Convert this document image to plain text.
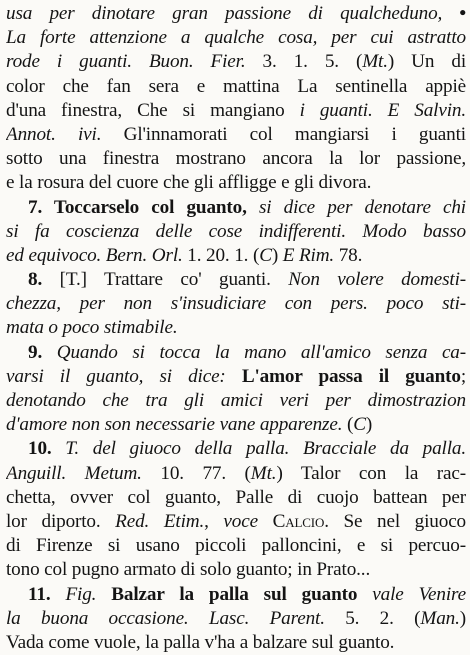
usa per dinotare gran passione di qualcheduno, •
La forte attenzione a qualche cosa, per cui astratto
rode i guanti. Buon. Fier. 3. 1. 5. (Mt.) Un di
color che fan sera e mattina La sentinella appiè
d'una finestra, Che si mangiano i guanti. E Salvin.
Annot. ivi. Gl'innamorati col mangiarsi i guanti
sotto una finestra mostrano ancora la lor passione,
e la rosura del cuore che gli affligge e gli divora.
7. Toccarselo col guanto, si dice per denotare chi
si fa coscienza delle cose indifferenti. Modo basso
ed equivoco. Bern. Orl. 1. 20. 1. (C) E Rim. 78.
8. [T.] Trattare co' guanti. Non volere domesti-
chezza, per non s'insudiciare con pers. poco sti-
mata o poco stimabile.
9. Quando si tocca la mano all'amico senza ca-
varsi il guanto, si dice: L'amor passa il guanto;
denotando che tra gli amici veri per dimostrazion
d'amore non son necessarie vane apparenze. (C)
10. T. del giuoco della palla. Bracciale da palla.
Anguill. Metum. 10. 77. (Mt.) Talor con la rac-
chetta, ovver col guanto, Palle di cuojo battean per
lor diporto. Red. Etim., voce Calcio. Se nel giuoco
di Firenze si usano piccoli palloncini, e si percuo-
tono col pugno armato di solo guanto; in Prato...
11. Fig. Balzar la palla sul guanto vale Venire
la buona occasione. Lasc. Parent. 5. 2. (Man.)
Vada come vuole, la palla v'ha a balzare sul guanto.
